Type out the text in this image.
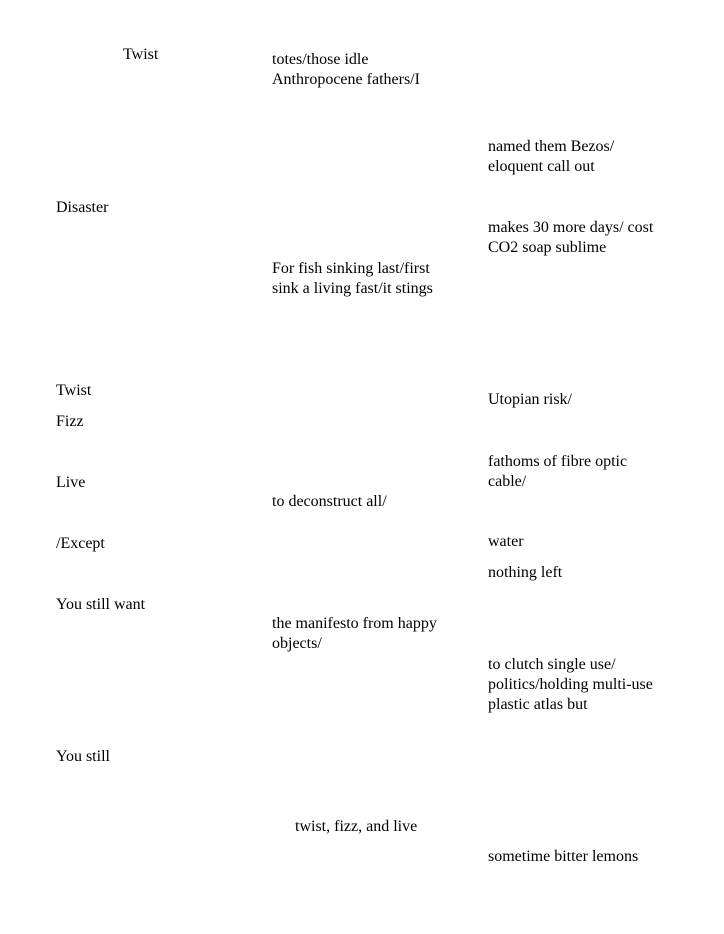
Twist

Disaster

Twist

Fizz

Live

/Except

You still want

You still

totes/those idle
Anthropocene fathers/I

For fish sinking last/first
sink a living fast/it stings

to deconstruct all/

the manifesto from happy
objects/

twist, fizz, and live

named them Bezos/
eloquent call out

makes 30 more days/ cost
CO2 soap sublime

Utopian risk/

fathoms of fibre optic
cable/

water

nothing left

to clutch single use/
politics/holding multi-use
plastic atlas but

sometime bitter lemons
